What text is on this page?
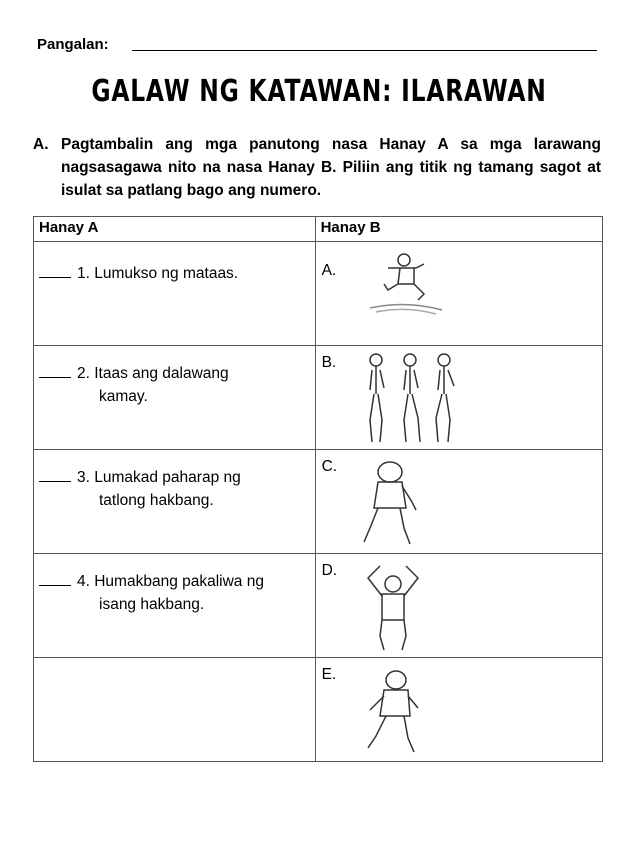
Pangalan:
GALAW NG KATAWAN: ILARAWAN
A. Pagtambalin ang mga panutong nasa Hanay A sa mga larawang nagsasagawa nito na nasa Hanay B. Piliin ang titik ng tamang sagot at isulat sa patlang bago ang numero.
Hanay A	Hanay B

1. Lumukso ng mataas.	A.

2. Itaas ang dalawang
kamay.	B.

3. Lumakad paharap ng
tatlong hakbang.	C.

4. Humakbang pakaliwa ng
isang hakbang.	D.

	E.
